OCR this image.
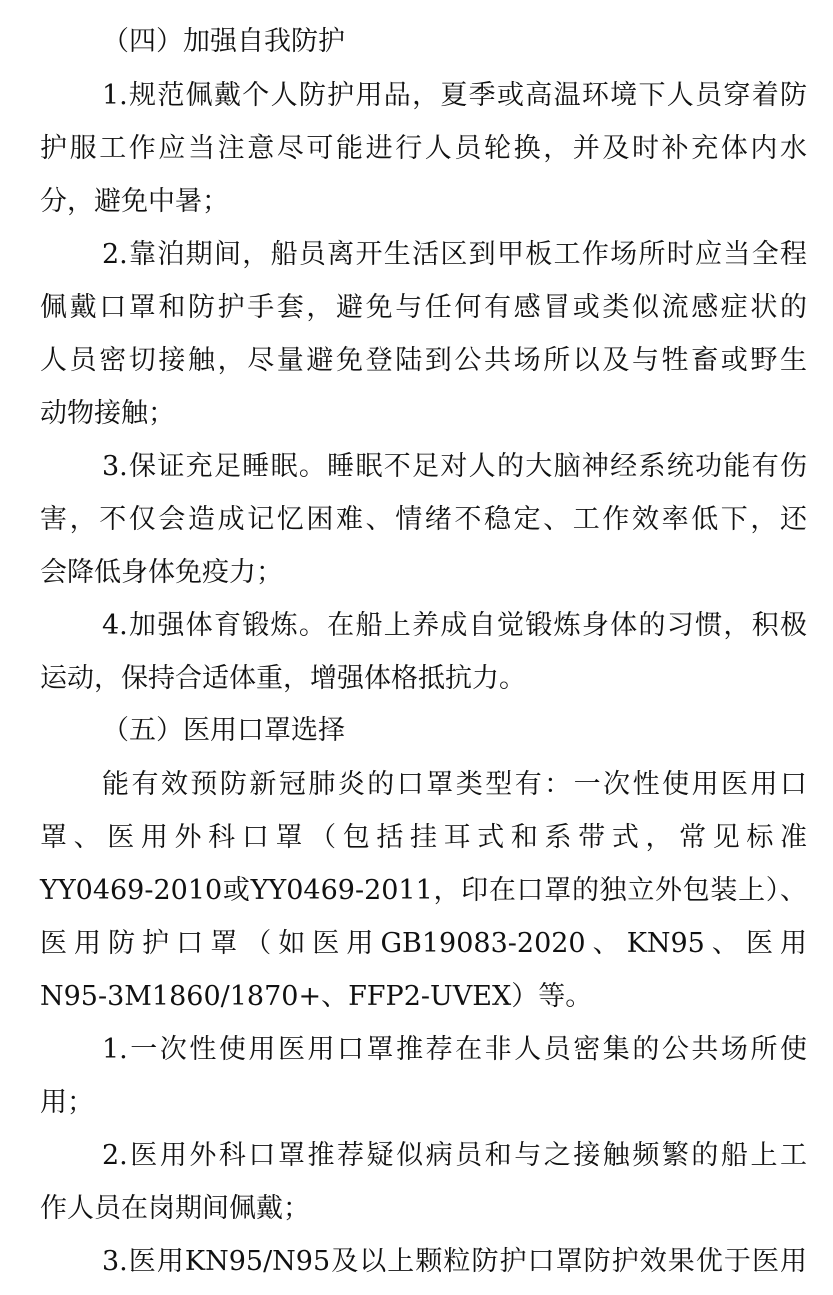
（四）加强自我防护
1.规范佩戴个人防护用品，夏季或高温环境下人员穿着防
护服工作应当注意尽可能进行人员轮换，并及时补充体内水
分，避免中暑；
2.靠泊期间，船员离开生活区到甲板工作场所时应当全程
佩戴口罩和防护手套，避免与任何有感冒或类似流感症状的
人员密切接触，尽量避免登陆到公共场所以及与牲畜或野生
动物接触；
3.保证充足睡眠。睡眠不足对人的大脑神经系统功能有伤
害，不仅会造成记忆困难、情绪不稳定、工作效率低下，还
会降低身体免疫力；
4.加强体育锻炼。在船上养成自觉锻炼身体的习惯，积极
运动，保持合适体重，增强体格抵抗力。
（五）医用口罩选择
能有效预防新冠肺炎的口罩类型有：一次性使用医用口
罩、医用外科口罩（包括挂耳式和系带式，常见标准
YY0469-2010或YY0469-2011，印在口罩的独立外包装上）、
医用防护口罩（如医用GB19083-2020、KN95、医用
N95-3M1860/1870+、FFP2-UVEX）等。
1.一次性使用医用口罩推荐在非人员密集的公共场所使
用；
2.医用外科口罩推荐疑似病员和与之接触频繁的船上工
作人员在岗期间佩戴；
3.医用KN95/N95及以上颗粒防护口罩防护效果优于医用
